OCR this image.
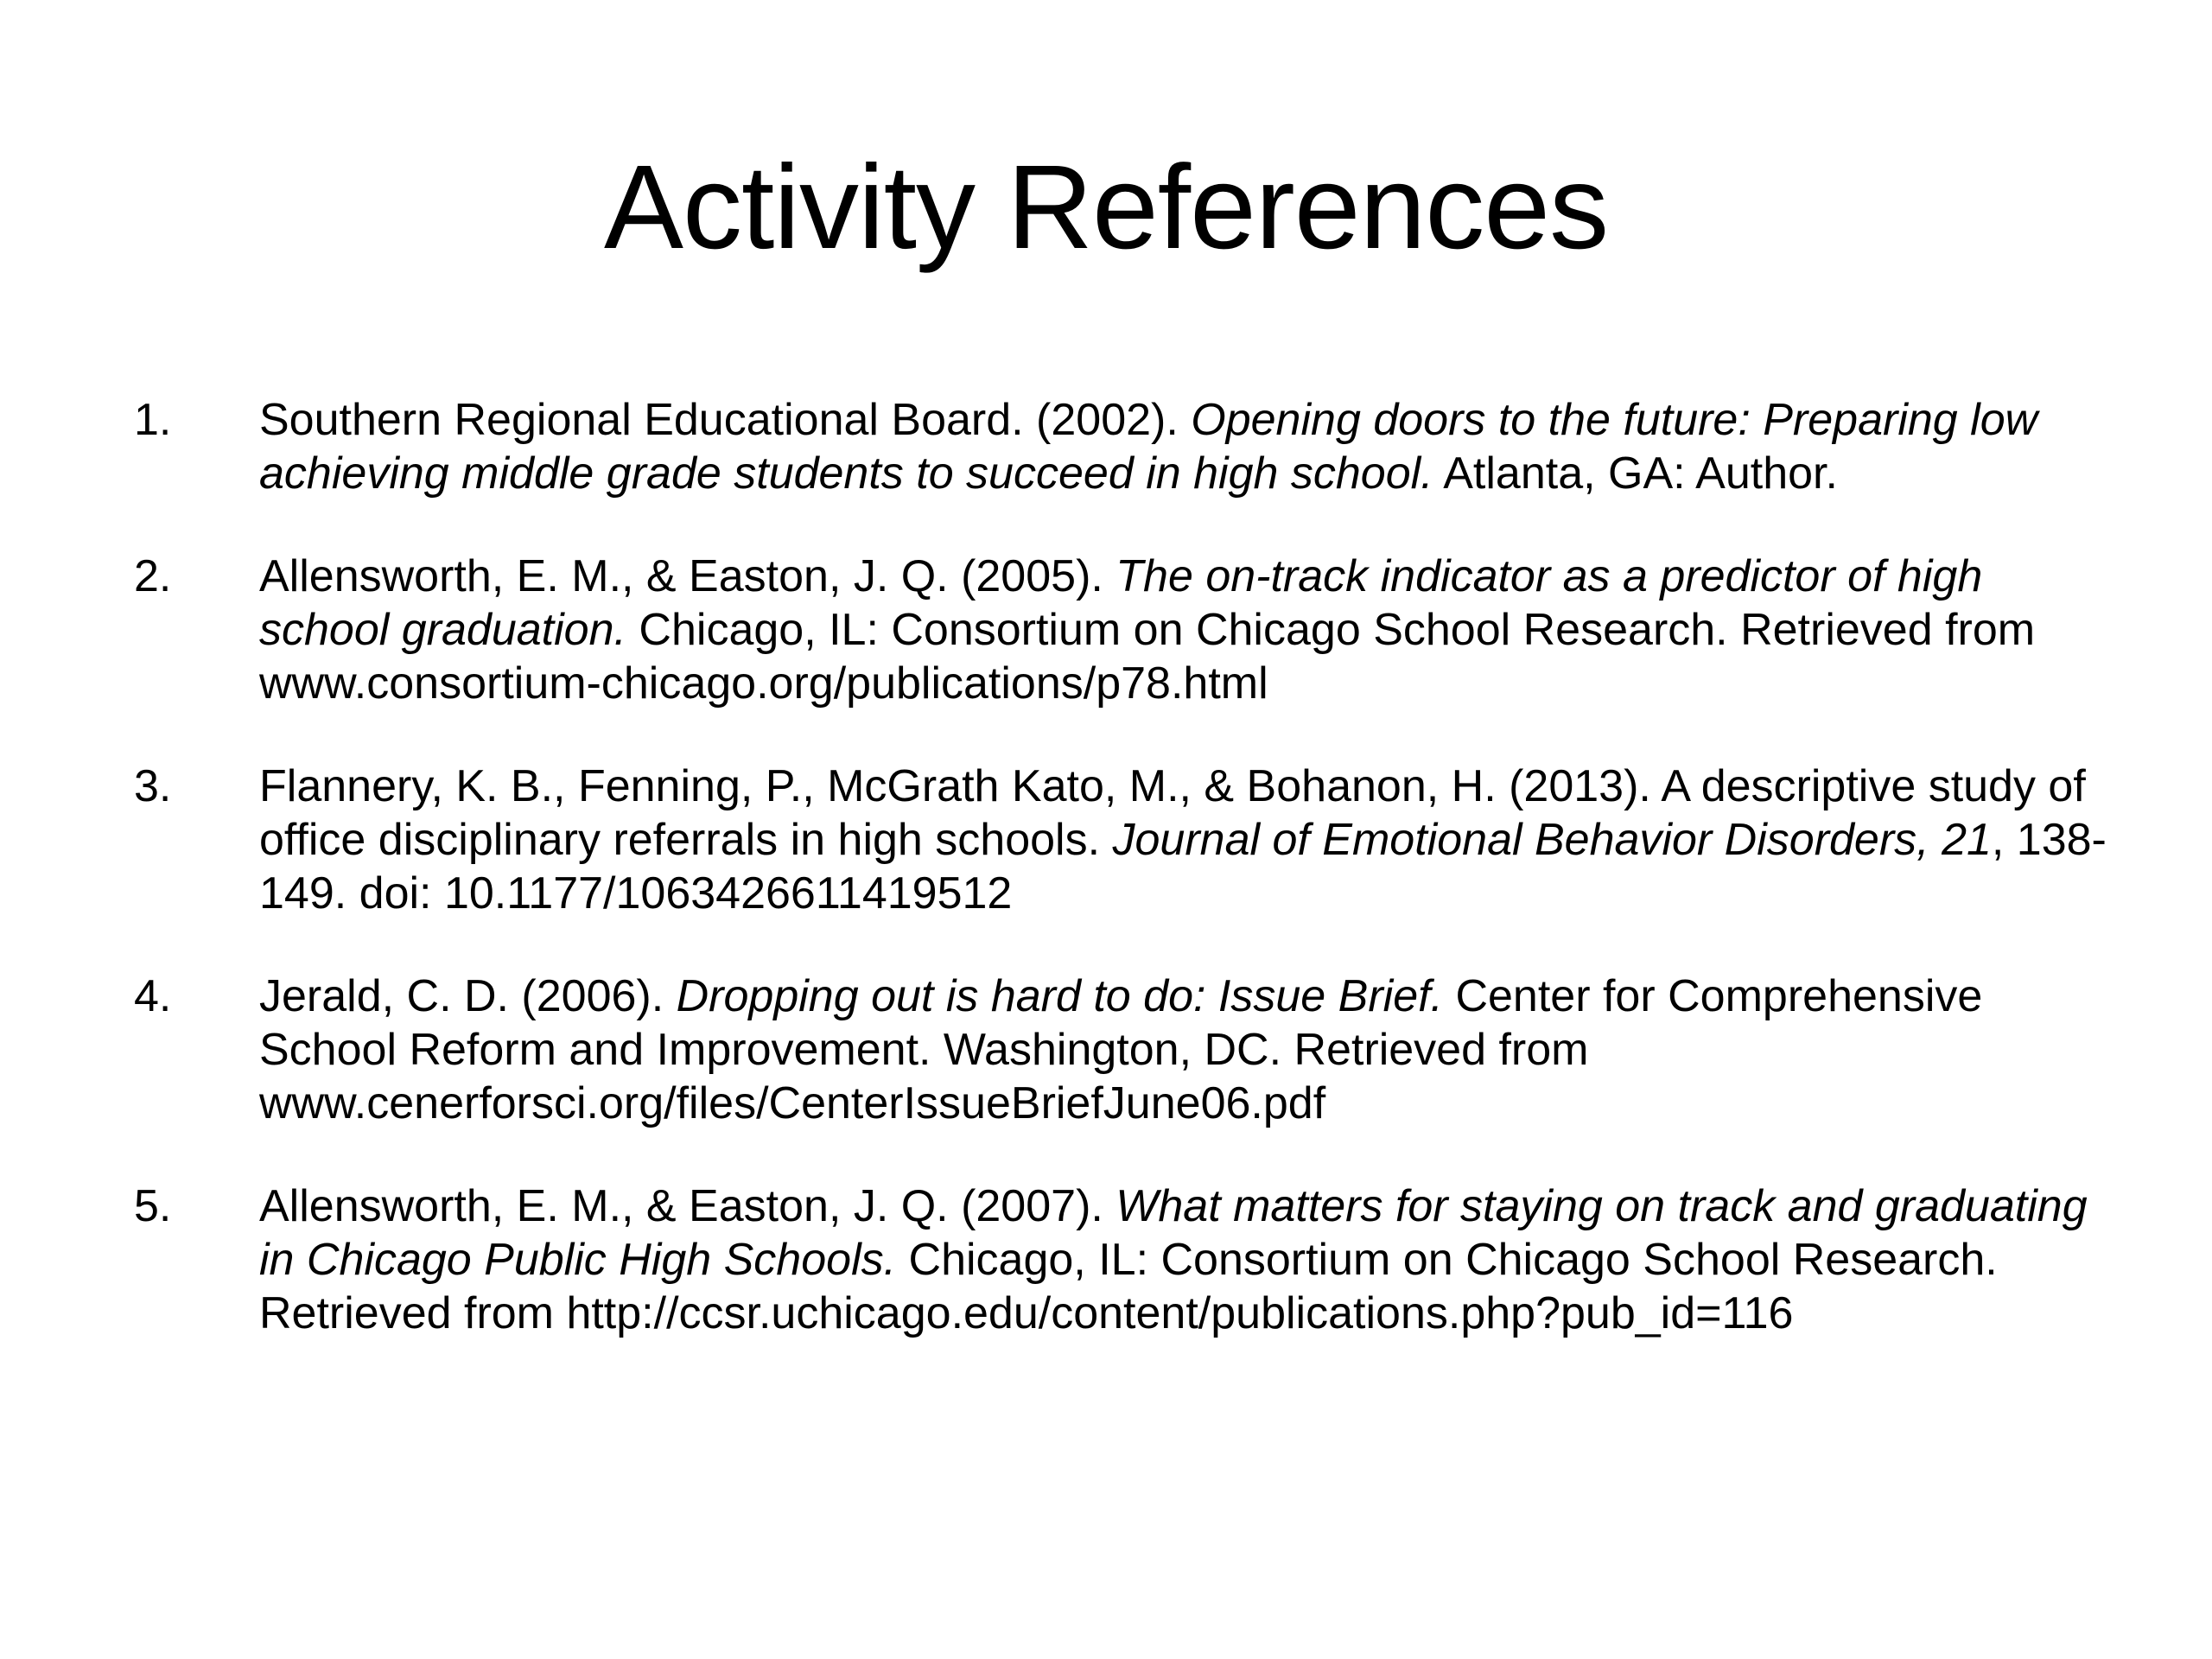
Activity References
1. Southern Regional Educational Board. (2002). Opening doors to the future: Preparing low achieving middle grade students to succeed in high school. Atlanta, GA: Author.
2. Allensworth, E. M., & Easton, J. Q. (2005). The on-track indicator as a predictor of high school graduation. Chicago, IL: Consortium on Chicago School Research. Retrieved from www.consortium-chicago.org/publications/p78.html
3. Flannery, K. B., Fenning, P., McGrath Kato, M., & Bohanon, H. (2013). A descriptive study of office disciplinary referrals in high schools. Journal of Emotional Behavior Disorders, 21, 138-149. doi: 10.1177/1063426611419512
4. Jerald, C. D. (2006). Dropping out is hard to do: Issue Brief. Center for Comprehensive School Reform and Improvement. Washington, DC. Retrieved from www.cenerforsci.org/files/CenterIssueBriefJune06.pdf
5. Allensworth, E. M., & Easton, J. Q. (2007). What matters for staying on track and graduating in Chicago Public High Schools. Chicago, IL: Consortium on Chicago School Research. Retrieved from http://ccsr.uchicago.edu/content/publications.php?pub_id=116
